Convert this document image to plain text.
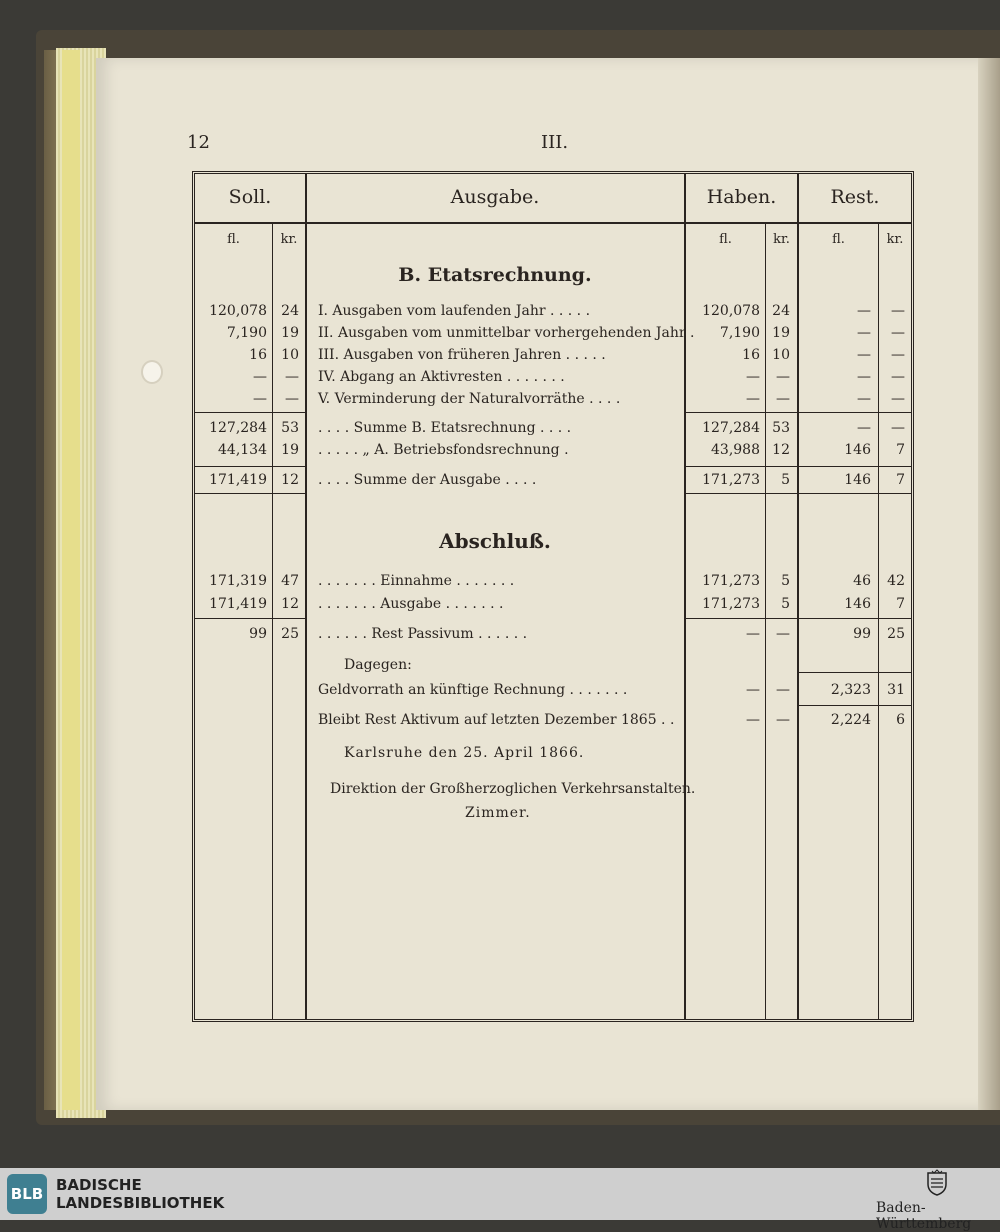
12	III.
Soll.	Ausgabe.	Haben.	Rest.
fl.	kr.	fl.	kr.	fl.	kr.
B. Etatsrechnung.
120,078	24 I. Ausgaben vom laufenden Jahr . . . . .	120,078 24	—	—
7,190	19 II. Ausgaben vom unmittelbar vorhergehenden Jahr .	7,190 19	—	—
16	10 III. Ausgaben von früheren Jahren . . . . .	16 10	—	—
—	— IV. Abgang an Aktivresten . . . . . . .	—	—	—	—
—	— V. Verminderung der Naturalvorräthe . . . .	—	—	—	—
127,284	53 . . . . Summe B. Etatsrechnung . . . .	127,284 53	—	—
44,134	19 . . . . . „ A. Betriebsfondsrechnung .	43,988 12	146	7
171,419	12 . . . . Summe der Ausgabe . . . .	171,273	5	146	7
171,319	47 . . . . . . . Einnahme . . . . . . .	171,273	5	46	42
171,419	12 . . . . . . . Ausgabe . . . . . . .	171,273	5	146	7
99	25 . . . . . . Rest Passivum . . . . . .	—	—	99	25
Geldvorrath an künftige Rechnung . . . . . . .	—	—	2,323	31
Bleibt Rest Aktivum auf letzten Dezember 1865 . .	—	—	2,224	6
Abschluß.
Dagegen:
Karlsruhe den 25. April 1866.
Direktion der Großherzoglichen Verkehrsanstalten.
Zimmer.
BLB BADISCHE
LANDESBIBLIOTHEK	Baden-Württemberg
